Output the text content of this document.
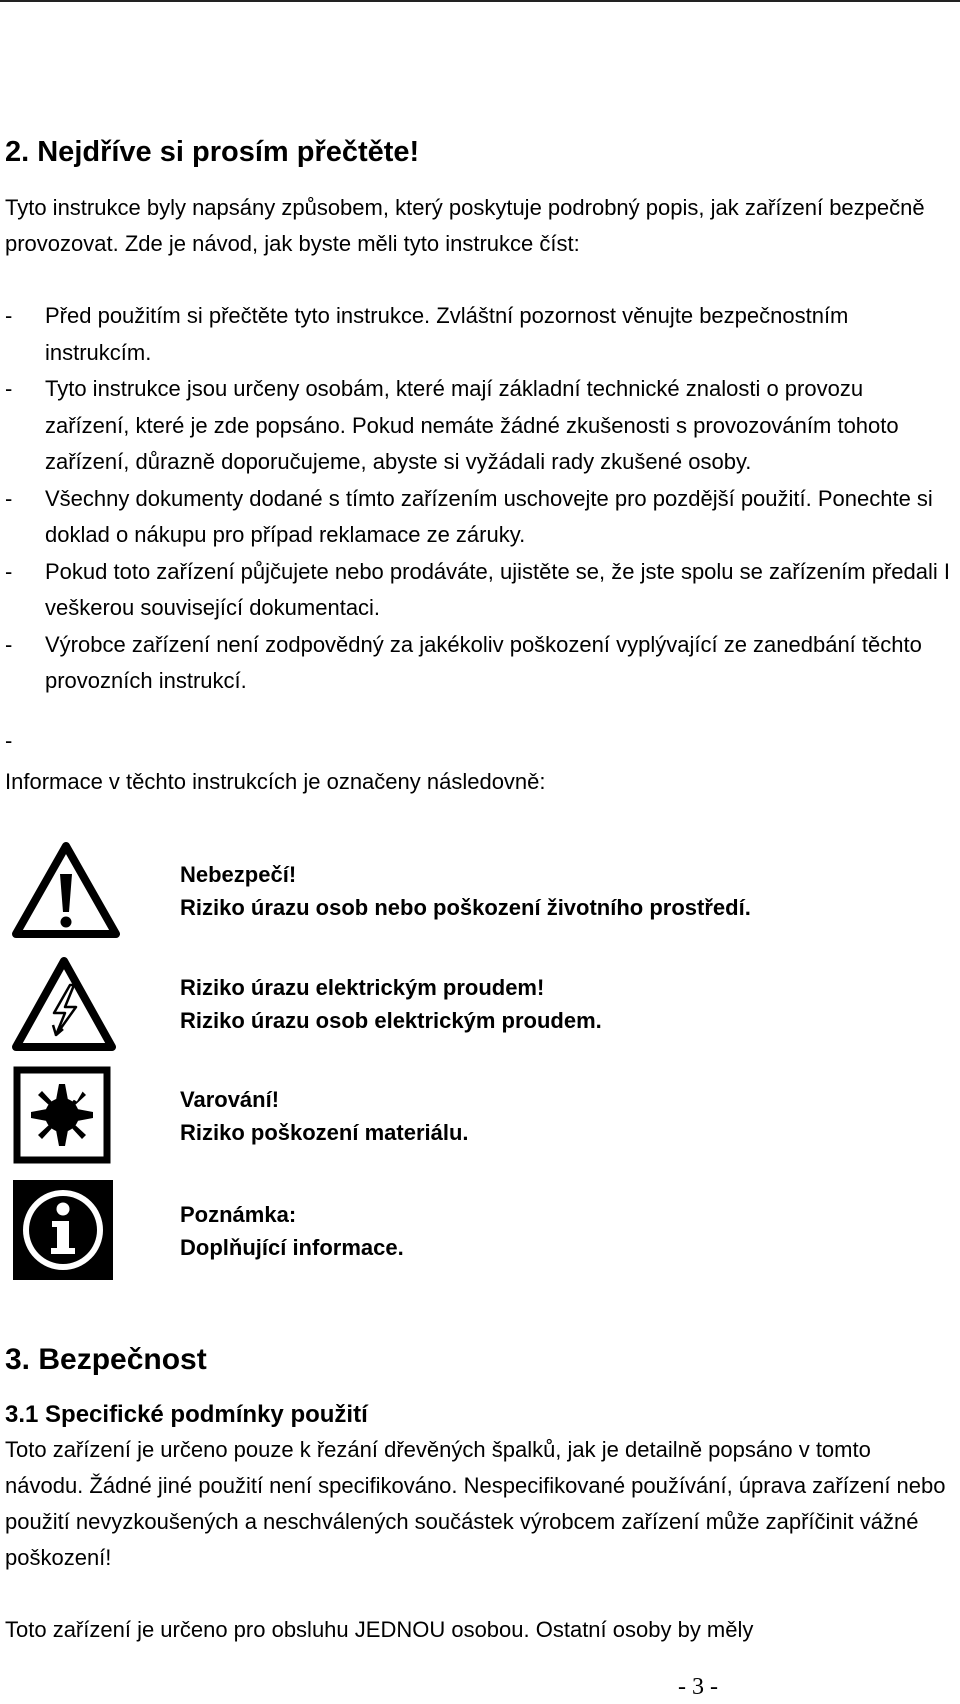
2. Nejdříve si prosím přečtěte!

Tyto instrukce byly napsány způsobem, který poskytuje podrobný popis, jak zařízení bezpečně provozovat. Zde je návod, jak byste měli tyto instrukce číst:

- Před použitím si přečtěte tyto instrukce. Zvláštní pozornost věnujte bezpečnostním instrukcím.
- Tyto instrukce jsou určeny osobám, které mají základní technické znalosti o provozu zařízení, které je zde popsáno. Pokud nemáte žádné zkušenosti s provozováním tohoto zařízení, důrazně doporučujeme, abyste si vyžádali rady zkušené osoby.
- Všechny dokumenty dodané s tímto zařízením uschovejte pro pozdější použití. Ponechte si doklad o nákupu pro případ reklamace ze záruky.
- Pokud toto zařízení půjčujete nebo prodáváte, ujistěte se, že jste spolu se zařízením předali I veškerou související dokumentaci.
- Výrobce zařízení není zodpovědný za jakékoliv poškození vyplývající ze zanedbání těchto provozních instrukcí.
-

Informace v těchto instrukcích je označeny následovně:

Nebezpečí!
Riziko úrazu osob nebo poškození životního prostředí.
Riziko úrazu elektrickým proudem!
Riziko úrazu osob elektrickým proudem.
Varování!
Riziko poškození materiálu.
Poznámka:
Doplňující informace.
3. Bezpečnost
3.1 Specifické podmínky použití

Toto zařízení je určeno pouze k řezání dřevěných špalků, jak je detailně popsáno v tomto návodu. Žádné jiné použití není specifikováno. Nespecifikované používání, úprava zařízení nebo použití nevyzkoušených a neschválených součástek výrobcem zařízení může zapříčinit vážné poškození!

Toto zařízení je určeno pro obsluhu JEDNOU osobou. Ostatní osoby by měly

- 3 -
